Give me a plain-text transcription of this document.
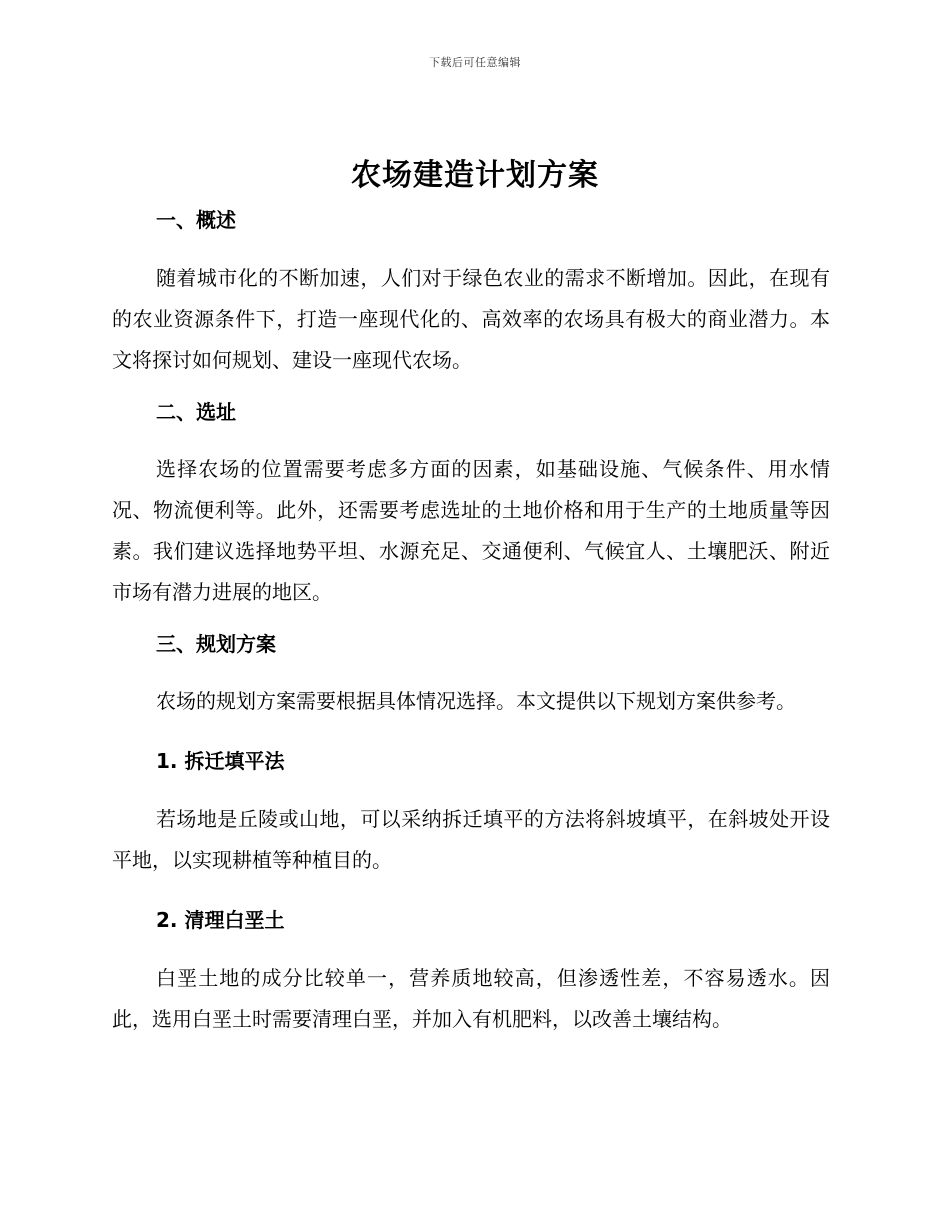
下载后可任意编辑
农场建造计划方案

一、概述

随着城市化的不断加速，人们对于绿色农业的需求不断增加。因此，在现有的农业资源条件下，打造一座现代化的、高效率的农场具有极大的商业潜力。本文将探讨如何规划、建设一座现代农场。

二、选址

选择农场的位置需要考虑多方面的因素，如基础设施、气候条件、用水情况、物流便利等。此外，还需要考虑选址的土地价格和用于生产的土地质量等因素。我们建议选择地势平坦、水源充足、交通便利、气候宜人、土壤肥沃、附近市场有潜力进展的地区。

三、规划方案

农场的规划方案需要根据具体情况选择。本文提供以下规划方案供参考。

1. 拆迁填平法

若场地是丘陵或山地，可以采纳拆迁填平的方法将斜坡填平，在斜坡处开设平地，以实现耕植等种植目的。

2. 清理白垩土

白垩土地的成分比较单一，营养质地较高，但渗透性差，不容易透水。因此，选用白垩土时需要清理白垩，并加入有机肥料，以改善土壤结构。
